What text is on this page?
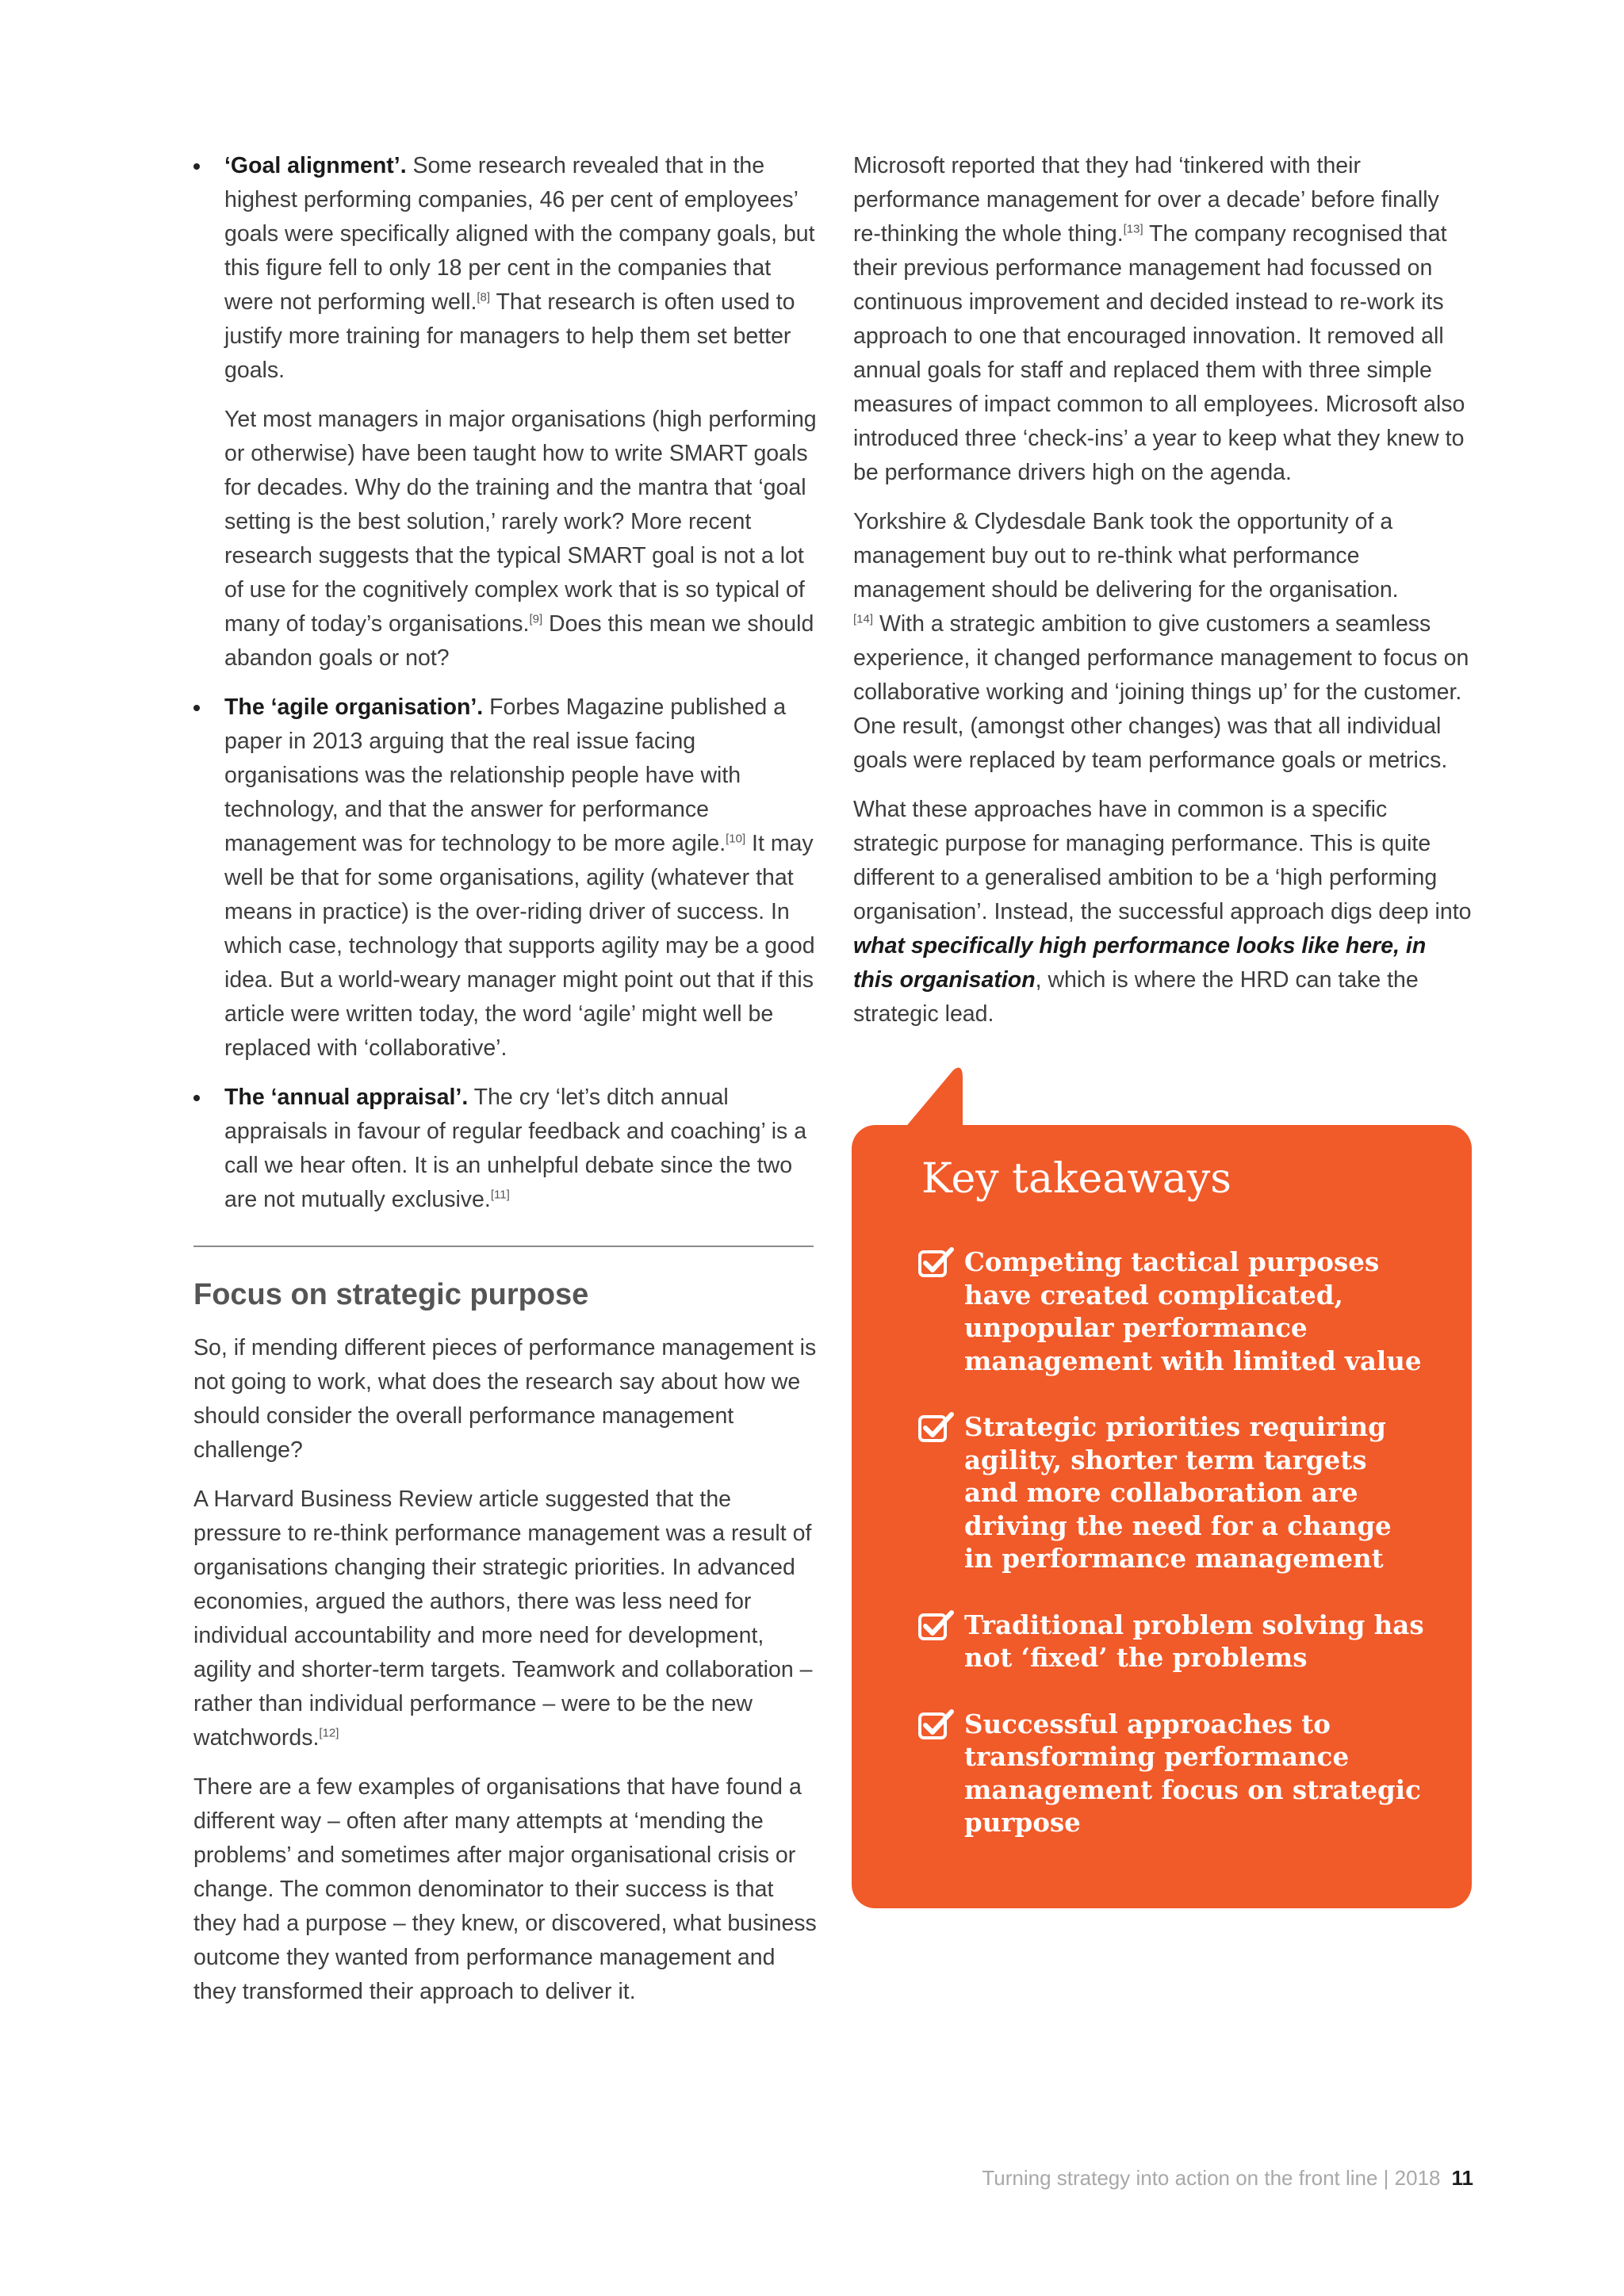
‘Goal alignment’. Some research revealed that in the highest performing companies, 46 per cent of employees’ goals were specifically aligned with the company goals, but this figure fell to only 18 per cent in the companies that were not performing well.[8] That research is often used to justify more training for managers to help them set better goals.

Yet most managers in major organisations (high performing or otherwise) have been taught how to write SMART goals for decades. Why do the training and the mantra that ‘goal setting is the best solution,’ rarely work? More recent research suggests that the typical SMART goal is not a lot of use for the cognitively complex work that is so typical of many of today’s organisations.[9] Does this mean we should abandon goals or not?

The ‘agile organisation’. Forbes Magazine published a paper in 2013 arguing that the real issue facing organisations was the relationship people have with technology, and that the answer for performance management was for technology to be more agile.[10] It may well be that for some organisations, agility (whatever that means in practice) is the over-riding driver of success. In which case, technology that supports agility may be a good idea. But a world-weary manager might point out that if this article were written today, the word ‘agile’ might well be replaced with ‘collaborative’.

The ‘annual appraisal’. The cry ‘let’s ditch annual appraisals in favour of regular feedback and coaching’ is a call we hear often. It is an unhelpful debate since the two are not mutually exclusive.[11]

Focus on strategic purpose

So, if mending different pieces of performance management is not going to work, what does the research say about how we should consider the overall performance management challenge?

A Harvard Business Review article suggested that the pressure to re-think performance management was a result of organisations changing their strategic priorities. In advanced economies, argued the authors, there was less need for individual accountability and more need for development, agility and shorter-term targets. Teamwork and collaboration – rather than individual performance – were to be the new watchwords.[12]

There are a few examples of organisations that have found a different way – often after many attempts at ‘mending the problems’ and sometimes after major organisational crisis or change. The common denominator to their success is that they had a purpose – they knew, or discovered, what business outcome they wanted from performance management and they transformed their approach to deliver it.

Microsoft reported that they had ‘tinkered with their performance management for over a decade’ before finally re-thinking the whole thing.[13] The company recognised that their previous performance management had focussed on continuous improvement and decided instead to re-work its approach to one that encouraged innovation. It removed all annual goals for staff and replaced them with three simple measures of impact common to all employees. Microsoft also introduced three ‘check-ins’ a year to keep what they knew to be performance drivers high on the agenda.

Yorkshire & Clydesdale Bank took the opportunity of a management buy out to re-think what performance management should be delivering for the organisation.
[14] With a strategic ambition to give customers a seamless experience, it changed performance management to focus on collaborative working and ‘joining things up’ for the customer. One result, (amongst other changes) was that all individual goals were replaced by team performance goals or metrics.

What these approaches have in common is a specific strategic purpose for managing performance. This is quite different to a generalised ambition to be a ‘high performing organisation’. Instead, the successful approach digs deep into what specifically high performance looks like here, in this organisation, which is where the HRD can take the strategic lead.

Key takeaways
Competing tactical purposes have created complicated, unpopular performance management with limited value
Strategic priorities requiring agility, shorter term targets and more collaboration are driving the need for a change in performance management
Traditional problem solving has not ‘fixed’ the problems
Successful approaches to transforming performance management focus on strategic purpose
Turning strategy into action on the front line | 2018 11
